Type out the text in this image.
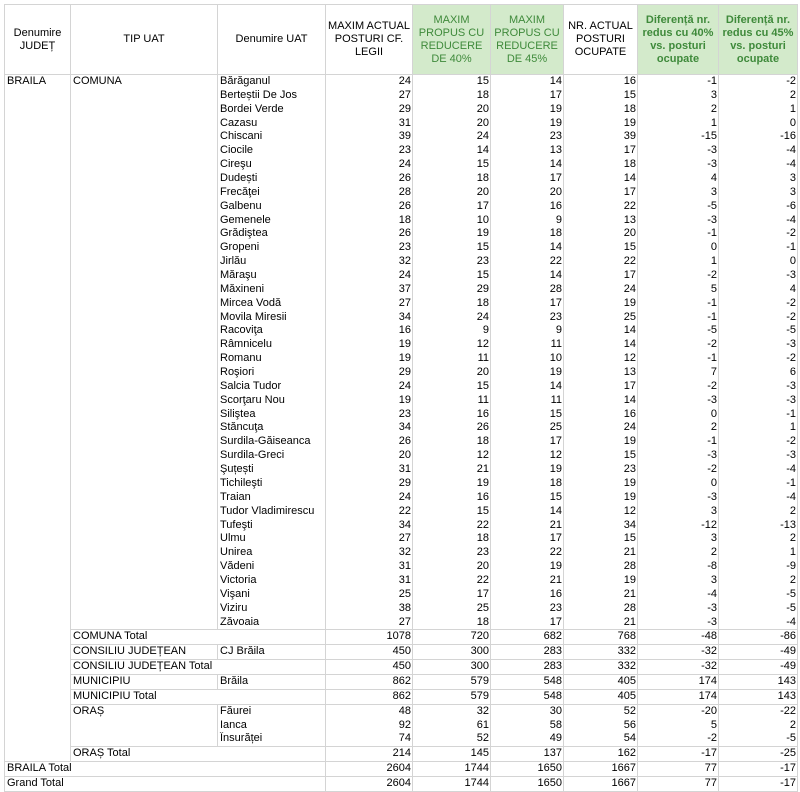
Denumire JUDEȚ	TIP UAT	Denumire UAT	MAXIM ACTUAL POSTURI CF. LEGII	MAXIM PROPUS CU REDUCERE DE 40%	MAXIM PROPUS CU REDUCERE DE 45%	NR. ACTUAL POSTURI OCUPATE	Diferență nr. redus cu 40% vs. posturi ocupate	Diferență nr. redus cu 45% vs. posturi ocupate
BRAILA	COMUNA	Bărăganul	24	15	14	16	-1	-2
		Berteștii De Jos	27	18	17	15	3	2
		Bordei Verde	29	20	19	18	2	1
		Cazasu	31	20	19	19	1	0
		Chiscani	39	24	23	39	-15	-16
		Ciocile	23	14	13	17	-3	-4
		Cireşu	24	15	14	18	-3	-4
		Dudești	26	18	17	14	4	3
		Frecăţei	28	20	20	17	3	3
		Galbenu	26	17	16	22	-5	-6
		Gemenele	18	10	9	13	-3	-4
		Grădiştea	26	19	18	20	-1	-2
		Gropeni	23	15	14	15	0	-1
		Jirlău	32	23	22	22	1	0
		Măraşu	24	15	14	17	-2	-3
		Măxineni	37	29	28	24	5	4
		Mircea Vodă	27	18	17	19	-1	-2
		Movila Miresii	34	24	23	25	-1	-2
		Racoviţa	16	9	9	14	-5	-5
		Râmnicelu	19	12	11	14	-2	-3
		Romanu	19	11	10	12	-1	-2
		Roşiori	29	20	19	13	7	6
		Salcia Tudor	24	15	14	17	-2	-3
		Scorţaru Nou	19	11	11	14	-3	-3
		Siliştea	23	16	15	16	0	-1
		Stăncuţa	34	26	25	24	2	1
		Surdila-Găiseanca	26	18	17	19	-1	-2
		Surdila-Greci	20	12	12	15	-3	-3
		Şuțești	31	21	19	23	-2	-4
		Tichileşti	29	19	18	19	0	-1
		Traian	24	16	15	19	-3	-4
		Tudor Vladimirescu	22	15	14	12	3	2
		Tufeşti	34	22	21	34	-12	-13
		Ulmu	27	18	17	15	3	2
		Unirea	32	23	22	21	2	1
		Vădeni	31	20	19	28	-8	-9
		Victoria	31	22	21	19	3	2
		Vişani	25	17	16	21	-4	-5
		Viziru	38	25	23	28	-3	-5
		Zăvoaia	27	18	17	21	-3	-4
	COMUNA Total		1078	720	682	768	-48	-86
	CONSILIU JUDEȚEAN	CJ Brăila	450	300	283	332	-32	-49
	CONSILIU JUDEȚEAN Total		450	300	283	332	-32	-49
	MUNICIPIU	Brăila	862	579	548	405	174	143
	MUNICIPIU Total		862	579	548	405	174	143
	ORAȘ	Făurei	48	32	30	52	-20	-22
		Ianca	92	61	58	56	5	2
		Însurăței	74	52	49	54	-2	-5
	ORAȘ Total		214	145	137	162	-17	-25
BRAILA Total			2604	1744	1650	1667	77	-17
Grand Total			2604	1744	1650	1667	77	-17
